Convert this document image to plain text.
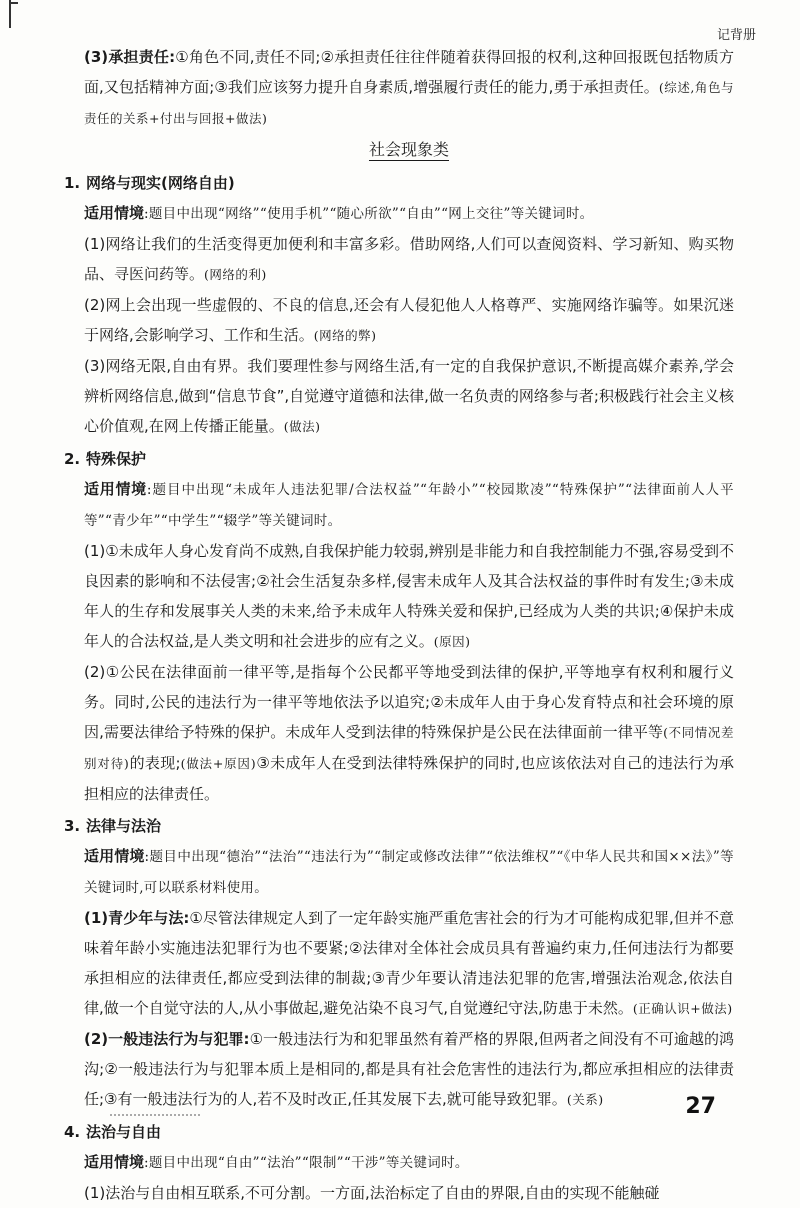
记背册

(3)承担责任:①角色不同,责任不同;②承担责任往往伴随着获得回报的权利,这种回报既包括物质方面,又包括精神方面;③我们应该努力提升自身素质,增强履行责任的能力,勇于承担责任。(综述,角色与责任的关系+付出与回报+做法)

社会现象类

1. 网络与现实(网络自由)

适用情境:题目中出现“网络”“使用手机”“随心所欲”“自由”“网上交往”等关键词时。

(1)网络让我们的生活变得更加便利和丰富多彩。借助网络,人们可以查阅资料、学习新知、购买物品、寻医问药等。(网络的利)

(2)网上会出现一些虚假的、不良的信息,还会有人侵犯他人人格尊严、实施网络诈骗等。如果沉迷于网络,会影响学习、工作和生活。(网络的弊)

(3)网络无限,自由有界。我们要理性参与网络生活,有一定的自我保护意识,不断提高媒介素养,学会辨析网络信息,做到“信息节食”,自觉遵守道德和法律,做一名负责的网络参与者;积极践行社会主义核心价值观,在网上传播正能量。(做法)

2. 特殊保护

适用情境:题目中出现“未成年人违法犯罪/合法权益”“年龄小”“校园欺凌”“特殊保护”“法律面前人人平等”“青少年”“中学生”“辍学”等关键词时。

(1)①未成年人身心发育尚不成熟,自我保护能力较弱,辨别是非能力和自我控制能力不强,容易受到不良因素的影响和不法侵害;②社会生活复杂多样,侵害未成年人及其合法权益的事件时有发生;③未成年人的生存和发展事关人类的未来,给予未成年人特殊关爱和保护,已经成为人类的共识;④保护未成年人的合法权益,是人类文明和社会进步的应有之义。(原因)

(2)①公民在法律面前一律平等,是指每个公民都平等地受到法律的保护,平等地享有权利和履行义务。同时,公民的违法行为一律平等地依法予以追究;②未成年人由于身心发育特点和社会环境的原因,需要法律给予特殊的保护。未成年人受到法律的特殊保护是公民在法律面前一律平等(不同情况差别对待)的表现;(做法+原因)③未成年人在受到法律特殊保护的同时,也应该依法对自己的违法行为承担相应的法律责任。

3. 法律与法治

适用情境:题目中出现“德治”“法治”“违法行为”“制定或修改法律”“依法维权”“《中华人民共和国××法》”等关键词时,可以联系材料使用。

(1)青少年与法:①尽管法律规定人到了一定年龄实施严重危害社会的行为才可能构成犯罪,但并不意味着年龄小实施违法犯罪行为也不要紧;②法律对全体社会成员具有普遍约束力,任何违法行为都要承担相应的法律责任,都应受到法律的制裁;③青少年要认清违法犯罪的危害,增强法治观念,依法自律,做一个自觉守法的人,从小事做起,避免沾染不良习气,自觉遵纪守法,防患于未然。(正确认识+做法)

(2)一般违法行为与犯罪:①一般违法行为和犯罪虽然有着严格的界限,但两者之间没有不可逾越的鸿沟;②一般违法行为与犯罪本质上是相同的,都是具有社会危害性的违法行为,都应承担相应的法律责任;③有一般违法行为的人,若不及时改正,任其发展下去,就可能导致犯罪。(关系)

4. 法治与自由

适用情境:题目中出现“自由”“法治”“限制”“干涉”等关键词时。

(1)法治与自由相互联系,不可分割。一方面,法治标定了自由的界限,自由的实现不能触碰

27
